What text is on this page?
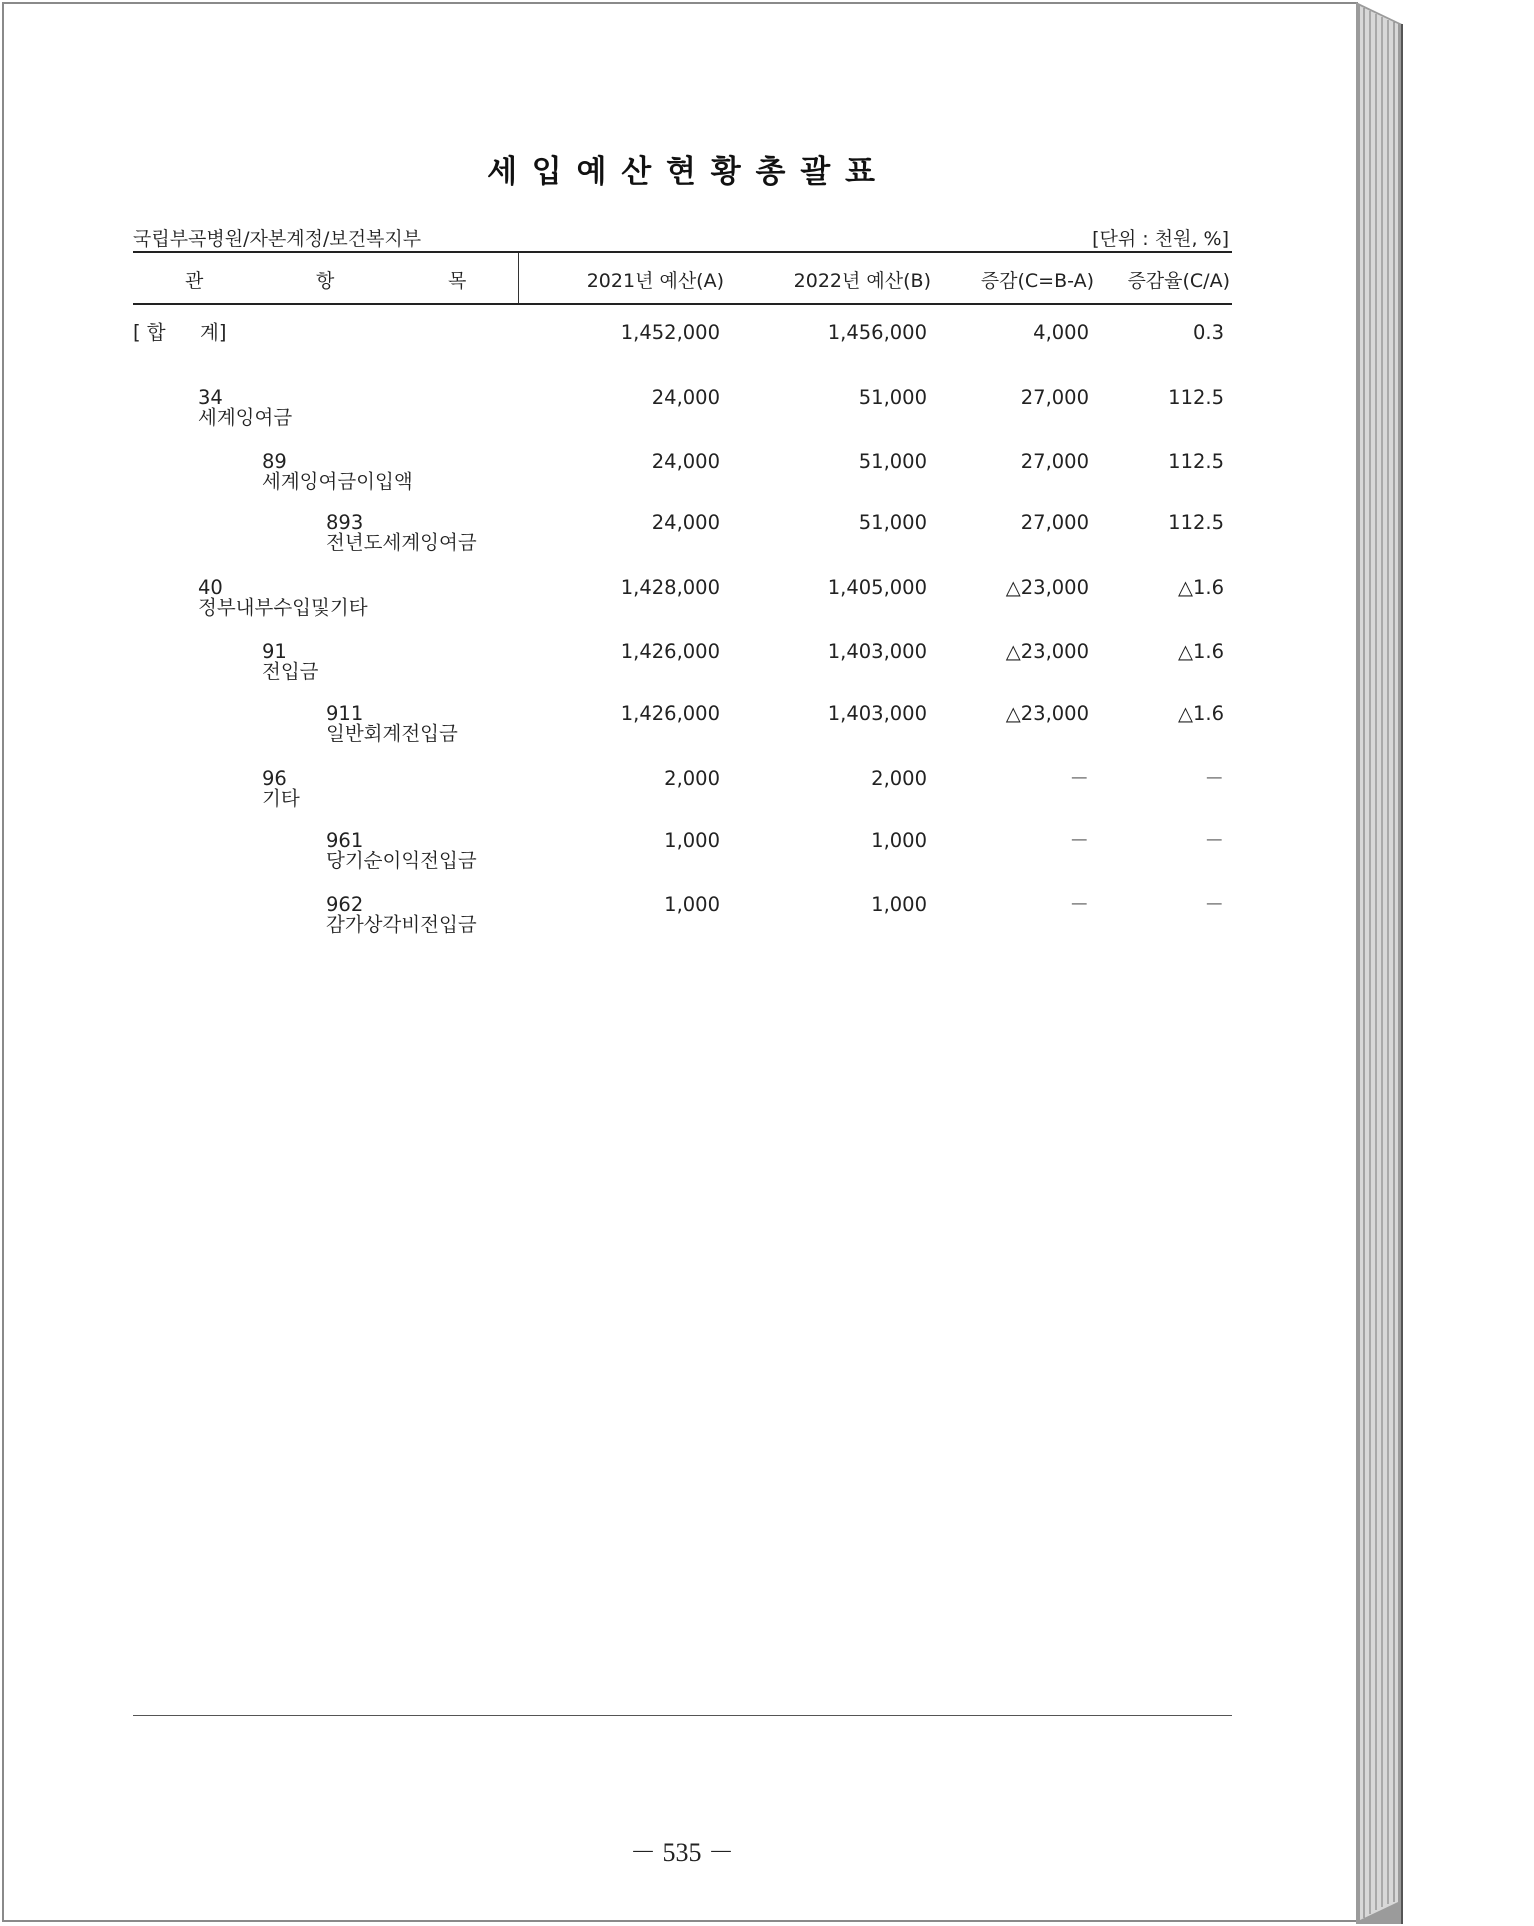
세 입 예 산 현 황 총 괄 표
국립부곡병원/자본계정/보건복지부	[단위 : 천원, %]
관	항	목	2021년 예산(A)	2022년 예산(B)	증감(C=B-A)	증감율(C/A)
[ 합 계]	1,452,000	1,456,000	4,000	0.3
34
세계잉여금
24,000	51,000	27,000	112.5
89
세계잉여금이입액
24,000	51,000	27,000	112.5
893
전년도세계잉여금
24,000	51,000	27,000	112.5
40
정부내부수입및기타
1,428,000	1,405,000	△23,000	△1.6
91
전입금
1,426,000	1,403,000	△23,000	△1.6
911
일반회계전입금
1,426,000	1,403,000	△23,000	△1.6
96
기타
2,000	2,000	－	－
961
당기순이익전입금
1,000	1,000	－	－
962
감가상각비전입금
1,000	1,000	－	－
－ 535 －
